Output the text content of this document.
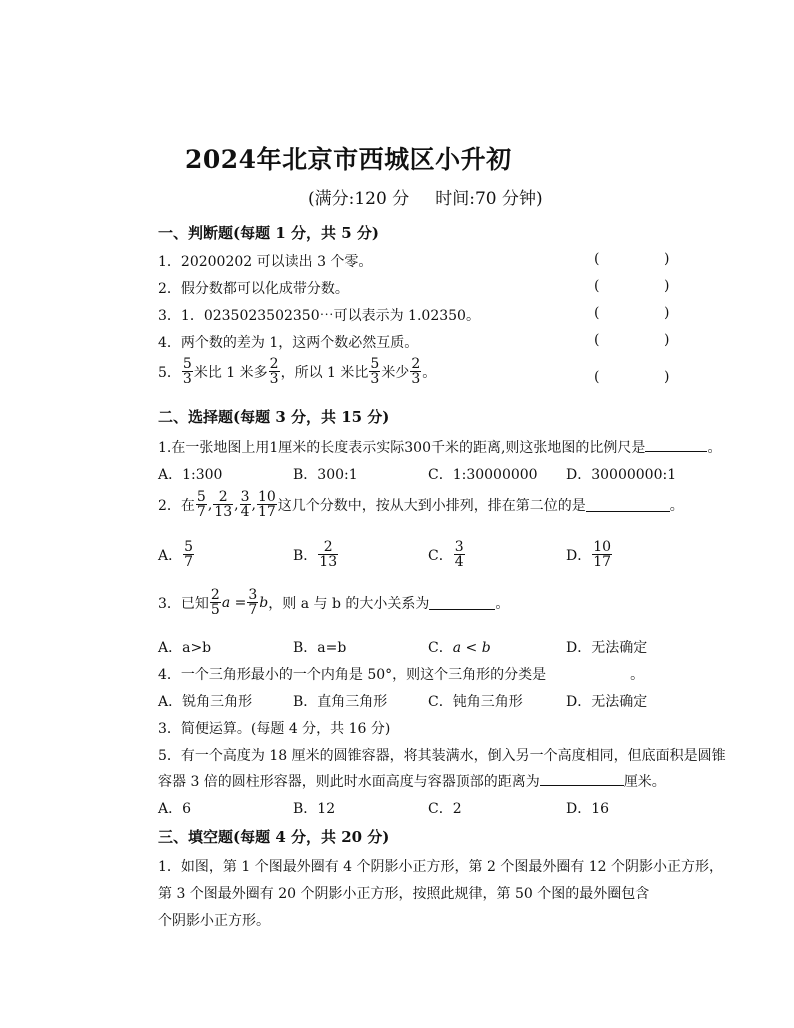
2024年北京市西城区小升初
(满分:120 分 时间:70 分钟)
一、判断题(每题 1 分，共 5 分)
1．20200202 可以读出 3 个零。	(	)
2．假分数都可以化成带分数。	(	)
3．1．0235023502350⋯可以表示为 1.02350。	(	)
4．两个数的差为 1，这两个数必然互质。	(	)
5． $\frac{5}{3}$ 米比 1 米多 $\frac{2}{3}$ ，所以 1 米比 $\frac{5}{3}$ 米少 $\frac{2}{3}$ 。	(	)
二、选择题(每题 3 分，共 15 分)
1.在一张地图上用1厘米的长度表示实际300千米的距离,则这张地图的比例尺是	。
A．1:300	B．300:1	C．1:30000000 D．30000000:1
2．在 $\frac{5}{7}$ , $\frac{2}{13}$ , $\frac{3}{4}$ , $\frac{10}{17}$ 这几个分数中，按从大到小排列，排在第二位的是	。
A． $\frac{5}{7}$	B． $\frac{2}{13}$	C． $\frac{3}{4}$	D． $\frac{10}{17}$
3．已知 $\frac{2}{5}$ $a = \frac{3}{7}$ b ，则 a 与 b 的大小关系为	。
A．a>b	B．a=b	C．a < b	D．无法确定
4．一个三角形最小的一个内角是 50°，则这个三角形的分类是	。
A．锐角三角形	B．直角三角形	C．钝角三角形	D．无法确定
3．简便运算。(每题 4 分，共 16 分)
5．有一个高度为 18 厘米的圆锥容器，将其装满水，倒入另一个高度相同，但底面积是圆锥
容器 3 倍的圆柱形容器，则此时水面高度与容器顶部的距离为	厘米。
A．6	B．12	C．2	D．16
三、填空题(每题 4 分，共 20 分)
1．如图，第 1 个图最外圈有 4 个阴影小正方形，第 2 个图最外圈有 12 个阴影小正方形，
第 3 个图最外圈有 20 个阴影小正方形，按照此规律，第 50 个图的最外圈包含
个阴影小正方形。
